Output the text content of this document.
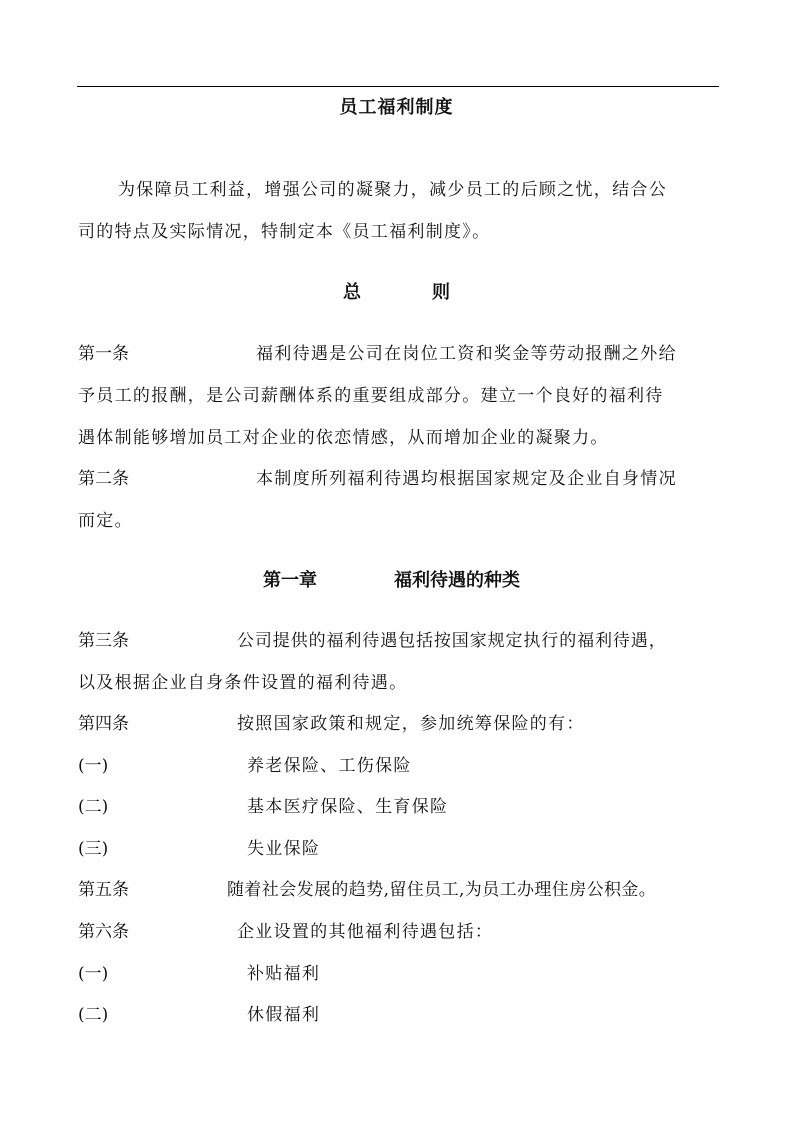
员工福利制度
为保障员工利益，增强公司的凝聚力，减少员工的后顾之忧，结合公
司的特点及实际情况，特制定本《员工福利制度》。
总	则
第一条	福利待遇是公司在岗位工资和奖金等劳动报酬之外给
予员工的报酬，是公司薪酬体系的重要组成部分。建立一个良好的福利待
遇体制能够增加员工对企业的依恋情感，从而增加企业的凝聚力。
第二条	本制度所列福利待遇均根据国家规定及企业自身情况
而定。
第一章	福利待遇的种类
第三条	公司提供的福利待遇包括按国家规定执行的福利待遇，
以及根据企业自身条件设置的福利待遇。
第四条	按照国家政策和规定，参加统筹保险的有：
(一)	养老保险、工伤保险
(二)	基本医疗保险、生育保险
(三)	失业保险
第五条	随着社会发展的趋势,留住员工,为员工办理住房公积金。
第六条	企业设置的其他福利待遇包括：
(一)	补贴福利
(二)	休假福利
